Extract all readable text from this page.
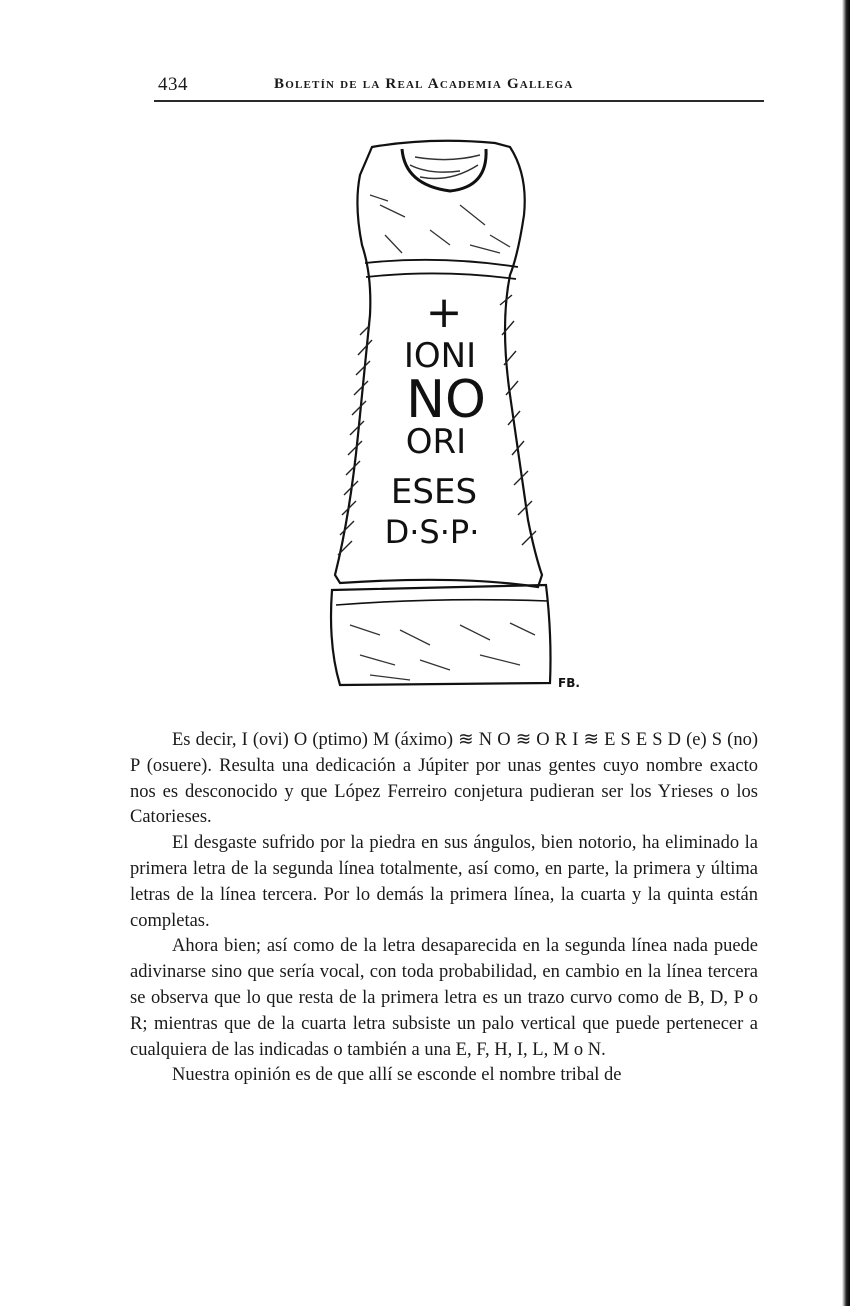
434	Boletín de la Real Academia Gallega
+
IONI
NO
ORI
ESES
D·S·P·
FB.

Es decir, I (ovi) O (ptimo) M (áximo) ≋ N O ≋ O R I ≋ E S E S D (e) S (no) P (osuere). Resulta una dedicación a Júpiter por unas gentes cuyo nombre exacto nos es desconocido y que López Ferreiro conjetura pudieran ser los Yrieses o los Catorieses.

El desgaste sufrido por la piedra en sus ángulos, bien notorio, ha eliminado la primera letra de la segunda línea totalmente, así como, en parte, la primera y última letras de la línea tercera. Por lo demás la primera línea, la cuarta y la quinta están completas.

Ahora bien; así como de la letra desaparecida en la segunda línea nada puede adivinarse sino que sería vocal, con toda probabilidad, en cambio en la línea tercera se observa que lo que resta de la primera letra es un trazo curvo como de B, D, P o R; mientras que de la cuarta letra subsiste un palo vertical que puede pertenecer a cualquiera de las indicadas o también a una E, F, H, I, L, M o N.

Nuestra opinión es de que allí se esconde el nombre tribal de
